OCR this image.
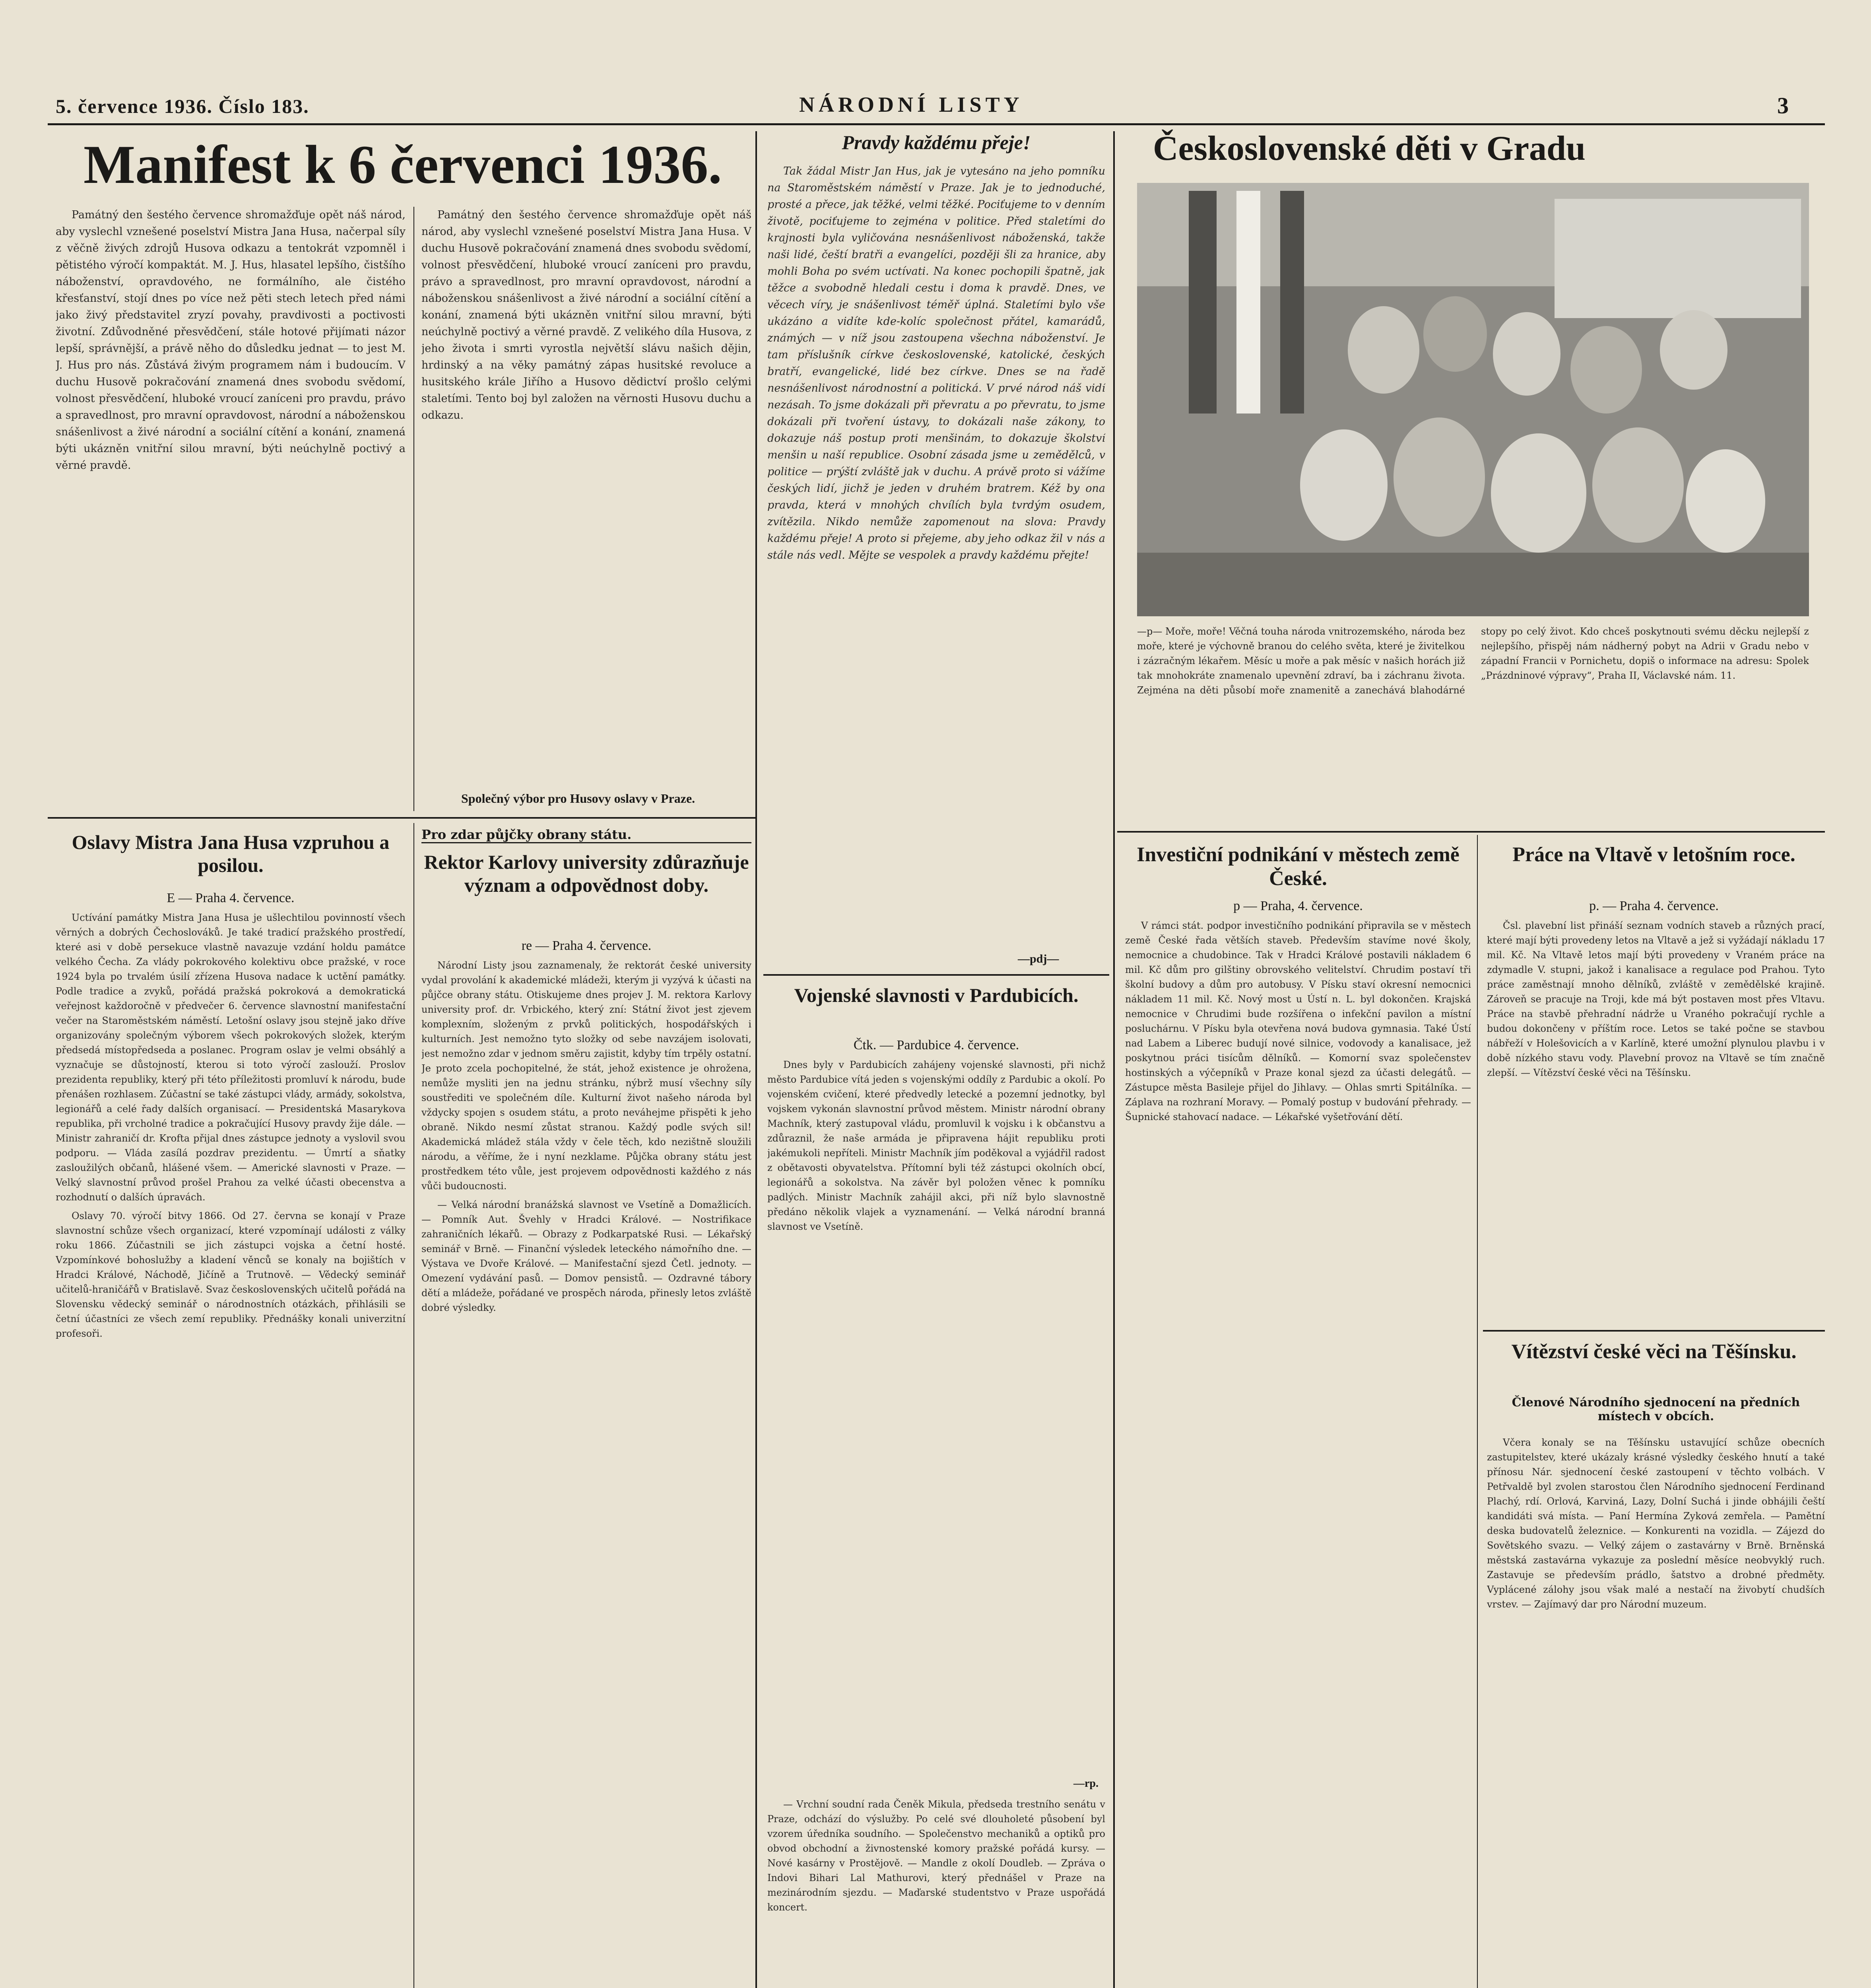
5. července 1936. Číslo 183.	NÁRODNÍ LISTY	3
Manifest k 6 červenci 1936.

Památný den šestého července shromažďuje opět náš národ, aby vyslechl vznešené poselství Mistra Jana Husa, načerpal síly z věčně živých zdrojů Husova odkazu a tentokrát vzpomněl i pětistého výročí kompaktát. M. J. Hus, hlasatel lepšího, čistšího náboženství, opravdového, ne formálního, ale čistého křesťanství, stojí dnes po více než pěti stech letech před námi jako živý představitel zryzí povahy, pravdivosti a poctivosti životní. Zdůvodněné přesvědčení, stále hotové přijímati názor lepší, správnější, a právě něho do důsledku jednat — to jest M. J. Hus pro nás. Zůstává živým programem nám i budoucím. V duchu Husově pokračování znamená dnes svobodu svědomí, volnost přesvědčení, hluboké vroucí zaníceni pro pravdu, právo a spravedlnost, pro mravní opravdovost, národní a náboženskou snášenlivost a živé národní a sociální cítění a konání, znamená býti ukázněn vnitřní silou mravní, býti neúchylně poctivý a věrné pravdě.

Památný den šestého července shromažďuje opět náš národ, aby vyslechl vznešené poselství Mistra Jana Husa. V duchu Husově pokračování znamená dnes svobodu svědomí, volnost přesvědčení, hluboké vroucí zaníceni pro pravdu, právo a spravedlnost, pro mravní opravdovost, národní a náboženskou snášenlivost a živé národní a sociální cítění a konání, znamená býti ukázněn vnitřní silou mravní, býti neúchylně poctivý a věrné pravdě. Z velikého díla Husova, z jeho života i smrti vyrostla největší slávu našich dějin, hrdinský a na věky památný zápas husitské revoluce a husitského krále Jiřího a Husovo dědictví prošlo celými staletími. Tento boj byl založen na věrnosti Husovu duchu a odkazu.

Společný výbor pro Husovy oslavy v Praze.
Pravdy každému přeje!

Tak žádal Mistr Jan Hus, jak je vytesáno na jeho pomníku na Staroměstském náměstí v Praze. Jak je to jednoduché, prosté a přece, jak těžké, velmi těžké. Pociťujeme to v denním životě, pociťujeme to zejména v politice. Před staletími do krajnosti byla vyličována nesnášenlivost náboženská, takže naši lidé, čeští bratři a evangelíci, později šli za hranice, aby mohli Boha po svém uctívati. Na konec pochopili špatně, jak těžce a svobodně hledali cestu i doma k pravdě. Dnes, ve věcech víry, je snášenlivost téměř úplná. Staletími bylo vše ukázáno a vidíte kde-kolíc společnost přátel, kamarádů, známých — v níž jsou zastoupena všechna náboženství. Je tam příslušník církve československé, katolické, českých bratří, evangelické, lidé bez církve. Dnes se na řadě nesnášenlivost národnostní a politická. V prvé národ náš vidí nezásah. To jsme dokázali při převratu a po převratu, to jsme dokázali při tvoření ústavy, to dokázali naše zákony, to dokazuje náš postup proti menšinám, to dokazuje školství menšin u naší republice. Osobní zásada jsme u zemědělců, v politice — prýští zvláště jak v duchu. A právě proto si vážíme českých lidí, jichž je jeden v druhém bratrem. Kéž by ona pravda, která v mnohých chvílích byla tvrdým osudem, zvítězila. Nikdo nemůže zapomenout na slova: Pravdy každému přeje! A proto si přejeme, aby jeho odkaz žil v nás a stále nás vedl. Mějte se vespolek a pravdy každému přejte!

—pdj—
Československé děti v Gradu

—p— Moře, moře! Věčná touha národa vnitrozemského, národa bez moře, které je výchovně branou do celého světa, které je živitelkou i zázračným lékařem. Měsíc u moře a pak měsíc v našich horách již tak mnohokráte znamenalo upevnění zdraví, ba i záchranu života. Zejména na děti působí moře znamenitě a zanechává blahodárné stopy po celý život. Kdo chceš poskytnouti svému děcku nejlepší z nejlepšího, přispěj nám nádherný pobyt na Adrii v Gradu nebo v západní Francii v Pornichetu, dopiš o informace na adresu: Spolek „Prázdninové výpravy“, Praha II, Václavské nám. 11.

Oslavy Mistra Jana Husa vzpruhou a posilou.
E — Praha 4. července.

Uctívání památky Mistra Jana Husa je ušlechtilou povinností všech věrných a dobrých Čechoslováků. Je také tradicí pražského prostředí, které asi v době persekuce vlastně navazuje vzdání holdu památce velkého Čecha. Za vlády pokrokového kolektivu obce pražské, v roce 1924 byla po trvalém úsilí zřízena Husova nadace k uctění památky. Podle tradice a zvyků, pořádá pražská pokroková a demokratická veřejnost každoročně v předvečer 6. července slavnostní manifestační večer na Staroměstském náměstí. Letošní oslavy jsou stejně jako dříve organizovány společným výborem všech pokrokových složek, kterým předsedá místopředseda a poslanec. Program oslav je velmi obsáhlý a vyznačuje se důstojností, kterou si toto výročí zaslouží. Proslov prezidenta republiky, který při této příležitosti promluví k národu, bude přenášen rozhlasem. Zúčastní se také zástupci vlády, armády, sokolstva, legionářů a celé řady dalších organisací. — Presidentská Masarykova republika, při vrcholné tradice a pokračující Husovy pravdy žije dále. — Ministr zahraničí dr. Krofta přijal dnes zástupce jednoty a vyslovil svou podporu. — Vláda zasílá pozdrav prezidentu. — Úmrtí a sňatky zasloužilých občanů, hlášené všem. — Americké slavnosti v Praze. — Velký slavnostní průvod prošel Prahou za velké účasti obecenstva a rozhodnutí o dalších úpravách.

Oslavy 70. výročí bitvy 1866. Od 27. června se konají v Praze slavnostní schůze všech organizací, které vzpomínají události z války roku 1866. Zúčastnili se jich zástupci vojska a četní hosté. Vzpomínkové bohoslužby a kladení věnců se konaly na bojištích v Hradci Králové, Náchodě, Jičíně a Trutnově. — Vědecký seminář učitelů-hraničářů v Bratislavě. Svaz československých učitelů pořádá na Slovensku vědecký seminář o národnostních otázkách, přihlásili se četní účastníci ze všech zemí republiky. Přednášky konali univerzitní profesoři.

Pro zdar půjčky obrany státu.
Rektor Karlovy university zdůrazňuje význam a odpovědnost doby.
re — Praha 4. července.

Národní Listy jsou zaznamenaly, že rektorát české university vydal provolání k akademické mládeži, kterým ji vyzývá k účasti na půjčce obrany státu. Otiskujeme dnes projev J. M. rektora Karlovy university prof. dr. Vrbického, který zní: Státní život jest zjevem komplexním, složeným z prvků politických, hospodářských i kulturních. Jest nemožno tyto složky od sebe navzájem isolovati, jest nemožno zdar v jednom směru zajistit, kdyby tím trpěly ostatní. Je proto zcela pochopitelné, že stát, jehož existence je ohrožena, nemůže mysliti jen na jednu stránku, nýbrž musí všechny síly soustřediti ve společném díle. Kulturní život našeho národa byl vždycky spojen s osudem státu, a proto neváhejme přispěti k jeho obraně. Nikdo nesmí zůstat stranou. Každý podle svých sil! Akademická mládež stála vždy v čele těch, kdo nezištně sloužili národu, a věříme, že i nyní nezklame. Půjčka obrany státu jest prostředkem této vůle, jest projevem odpovědnosti každého z nás vůči budoucnosti.

— Velká národní branážská slavnost ve Vsetíně a Domažlicích. — Pomník Aut. Švehly v Hradci Králové. — Nostrifikace zahraničních lékařů. — Obrazy z Podkarpatské Rusi. — Lékařský seminář v Brně. — Finanční výsledek leteckého námořního dne. — Výstava ve Dvoře Králové. — Manifestační sjezd Četl. jednoty. — Omezení vydávání pasů. — Domov pensistů. — Ozdravné tábory dětí a mládeže, pořádané ve prospěch národa, přinesly letos zvláště dobré výsledky.

Vojenské slavnosti v Pardubicích.
Čtk. — Pardubice 4. července.

Dnes byly v Pardubicích zahájeny vojenské slavnosti, při nichž město Pardubice vítá jeden s vojenskými oddíly z Pardubic a okolí. Po vojenském cvičení, které předvedly letecké a pozemní jednotky, byl vojskem vykonán slavnostní průvod městem. Ministr národní obrany Machník, který zastupoval vládu, promluvil k vojsku i k občanstvu a zdůraznil, že naše armáda je připravena hájit republiku proti jakémukoli nepříteli. Ministr Machník jím poděkoval a vyjádřil radost z obětavosti obyvatelstva. Přítomní byli též zástupci okolních obcí, legionářů a sokolstva. Na závěr byl položen věnec k pomníku padlých. Ministr Machník zahájil akci, při níž bylo slavnostně předáno několik vlajek a vyznamenání. — Velká národní branná slavnost ve Vsetíně.

—rp.

— Vrchní soudní rada Čeněk Mikula, předseda trestního senátu v Praze, odchází do výslužby. Po celé své dlouholeté působení byl vzorem úředníka soudního. — Společenstvo mechaniků a optiků pro obvod obchodní a živnostenské komory pražské pořádá kursy. — Nové kasárny v Prostějově. — Mandle z okolí Doudleb. — Zpráva o Indovi Bihari Lal Mathurovi, který přednášel v Praze na mezinárodním sjezdu. — Maďarské studentstvo v Praze uspořádá koncert.

Investiční podnikání v městech země České.
p — Praha, 4. července.

V rámci stát. podpor investičního podnikání připravila se v městech země České řada větších staveb. Především stavíme nové školy, nemocnice a chudobince. Tak v Hradci Králové postavili nákladem 6 mil. Kč dům pro gilštiny obrovského velitelství. Chrudim postaví tři školní budovy a dům pro autobusy. V Písku staví okresní nemocnici nákladem 11 mil. Kč. Nový most u Ústí n. L. byl dokončen. Krajská nemocnice v Chrudimi bude rozšířena o infekční pavilon a místní posluchárnu. V Písku byla otevřena nová budova gymnasia. Také Ústí nad Labem a Liberec budují nové silnice, vodovody a kanalisace, jež poskytnou práci tisícům dělníků. — Komorní svaz společenstev hostinských a výčepníků v Praze konal sjezd za účasti delegátů. — Zástupce města Basileje přijel do Jihlavy. — Ohlas smrti Spitálníka. — Záplava na rozhraní Moravy. — Pomalý postup v budování přehrady. — Šupnické stahovací nadace. — Lékařské vyšetřování dětí.

Práce na Vltavě v letošním roce.
p. — Praha 4. července.

Čsl. plavební list přináší seznam vodních staveb a různých prací, které mají býti provedeny letos na Vltavě a jež si vyžádají nákladu 17 mil. Kč. Na Vltavě letos mají býti provedeny v Vraném práce na zdymadle V. stupni, jakož i kanalisace a regulace pod Prahou. Tyto práce zaměstnají mnoho dělníků, zvláště v zemědělské krajině. Zároveň se pracuje na Troji, kde má být postaven most přes Vltavu. Práce na stavbě přehradní nádrže u Vraného pokračují rychle a budou dokončeny v příštím roce. Letos se také počne se stavbou nábřeží v Holešovicích a v Karlíně, které umožní plynulou plavbu i v době nízkého stavu vody. Plavební provoz na Vltavě se tím značně zlepší. — Vítězství české věci na Těšínsku.

Vítězství české věci na Těšínsku.
Členové Národního sjednocení na předních místech v obcích.

Včera konaly se na Těšínsku ustavující schůze obecních zastupitelstev, které ukázaly krásné výsledky českého hnutí a také přínosu Nár. sjednocení české zastoupení v těchto volbách. V Petřvaldě byl zvolen starostou člen Národního sjednocení Ferdinand Plachý, rdí. Orlová, Karviná, Lazy, Dolní Suchá i jinde obhájili čeští kandidáti svá místa. — Paní Hermína Zyková zemřela. — Pamětní deska budovatelů železnice. — Konkurenti na vozidla. — Zájezd do Sovětského svazu. — Velký zájem o zastavárny v Brně. Brněnská městská zastavárna vykazuje za poslední měsíce neobvyklý ruch. Zastavuje se především prádlo, šatstvo a drobné předměty. Vyplácené zálohy jsou však malé a nestačí na živobytí chudších vrstev. — Zajímavý dar pro Národní muzeum.
